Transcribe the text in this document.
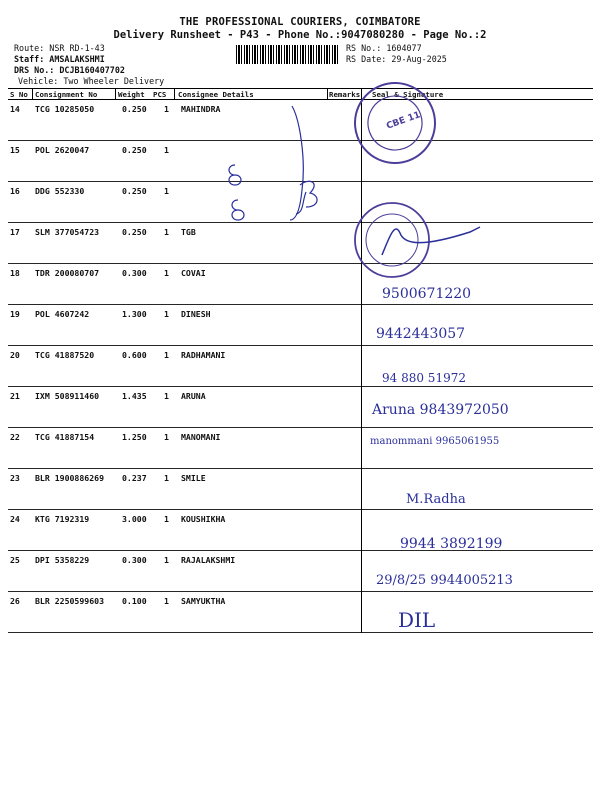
THE PROFESSIONAL COURIERS, COIMBATORE
Delivery Runsheet - P43 - Phone No.:9047080280 - Page No.:2
Route: NSR RD-1-43
Staff: AMSALAKSHMI
DRS No.: DCJB160407702
Vehicle: Two Wheeler Delivery
RS No.: 1604077
RS Date: 29-Aug-2025
S No Consignment No	Weight PCS Consignee Details	Remarks Seal & Signature
14 TCG 10285050	0.250 1 MAHINDRA
15 POL 2620047	0.250 1
16 DDG 552330	0.250 1
17 SLM 377054723	0.250 1 TGB
18 TDR 200080707	0.300 1 COVAI
19 POL 4607242	1.300 1 DINESH
20 TCG 41887520	0.600 1 RADHAMANI
21 IXM 508911460	1.435 1 ARUNA
22 TCG 41887154	1.250 1 MANOMANI
23 BLR 1900886269 0.237 1 SMILE
24 KTG 7192319	3.000 1 KOUSHIKHA
25 DPI 5358229	0.300 1 RAJALAKSHMI
26 BLR 2250599603 0.100 1 SAMYUKTHA
CBE 11
9500671220
9442443057
94 880 51972
Aruna 9843972050
manommani 9965061955
M.Radha
9944 3892199
29/8/25 9944005213
DIL
